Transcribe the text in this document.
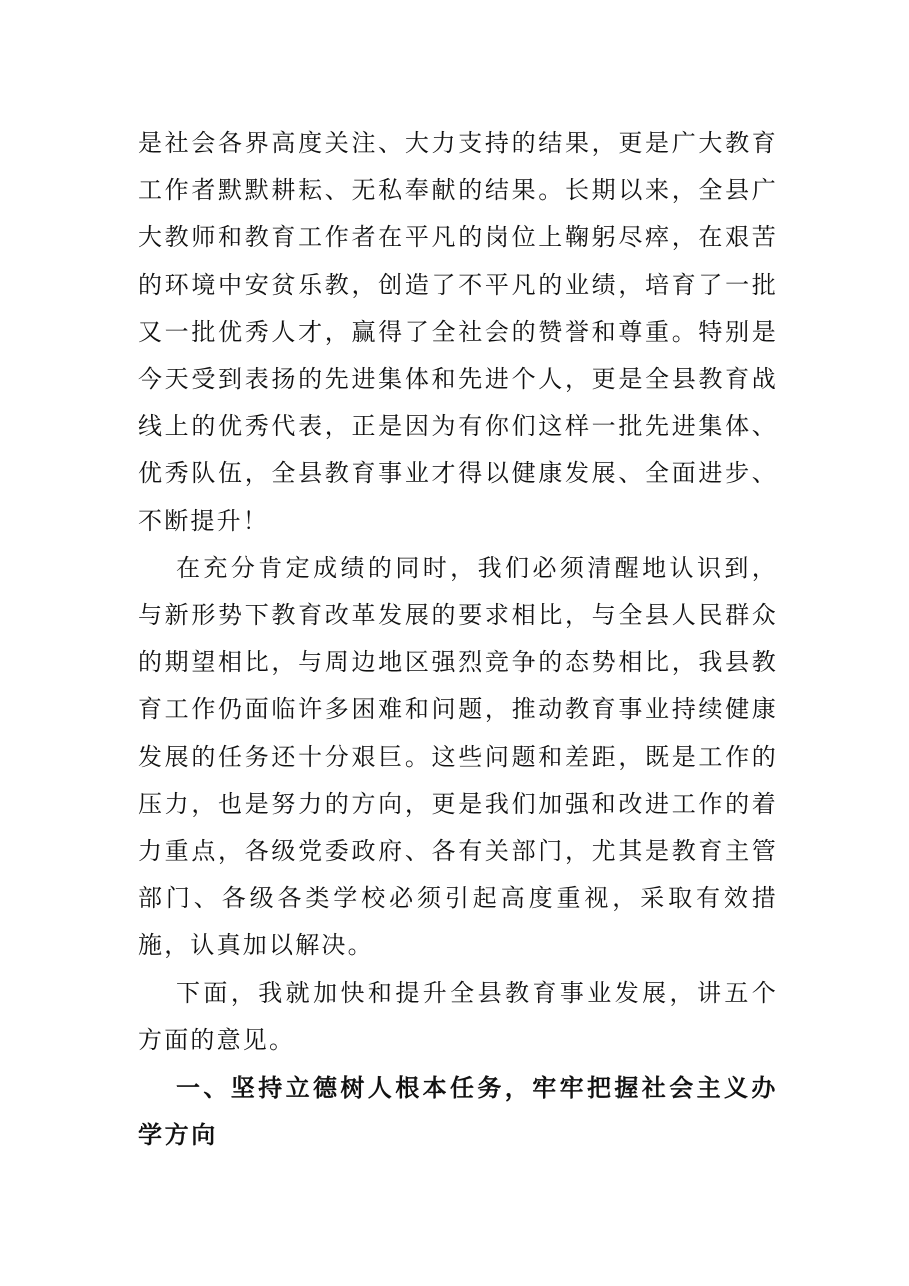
是社会各界高度关注、大力支持的结果，更是广大教育工作者默默耕耘、无私奉献的结果。长期以来，全县广大教师和教育工作者在平凡的岗位上鞠躬尽瘁，在艰苦的环境中安贫乐教，创造了不平凡的业绩，培育了一批又一批优秀人才，赢得了全社会的赞誉和尊重。特别是今天受到表扬的先进集体和先进个人，更是全县教育战线上的优秀代表，正是因为有你们这样一批先进集体、优秀队伍，全县教育事业才得以健康发展、全面进步、不断提升！

在充分肯定成绩的同时，我们必须清醒地认识到，与新形势下教育改革发展的要求相比，与全县人民群众的期望相比，与周边地区强烈竞争的态势相比，我县教育工作仍面临许多困难和问题，推动教育事业持续健康发展的任务还十分艰巨。这些问题和差距，既是工作的压力，也是努力的方向，更是我们加强和改进工作的着力重点，各级党委政府、各有关部门，尤其是教育主管部门、各级各类学校必须引起高度重视，采取有效措施，认真加以解决。

下面，我就加快和提升全县教育事业发展，讲五个方面的意见。

一、坚持立德树人根本任务，牢牢把握社会主义办学方向
